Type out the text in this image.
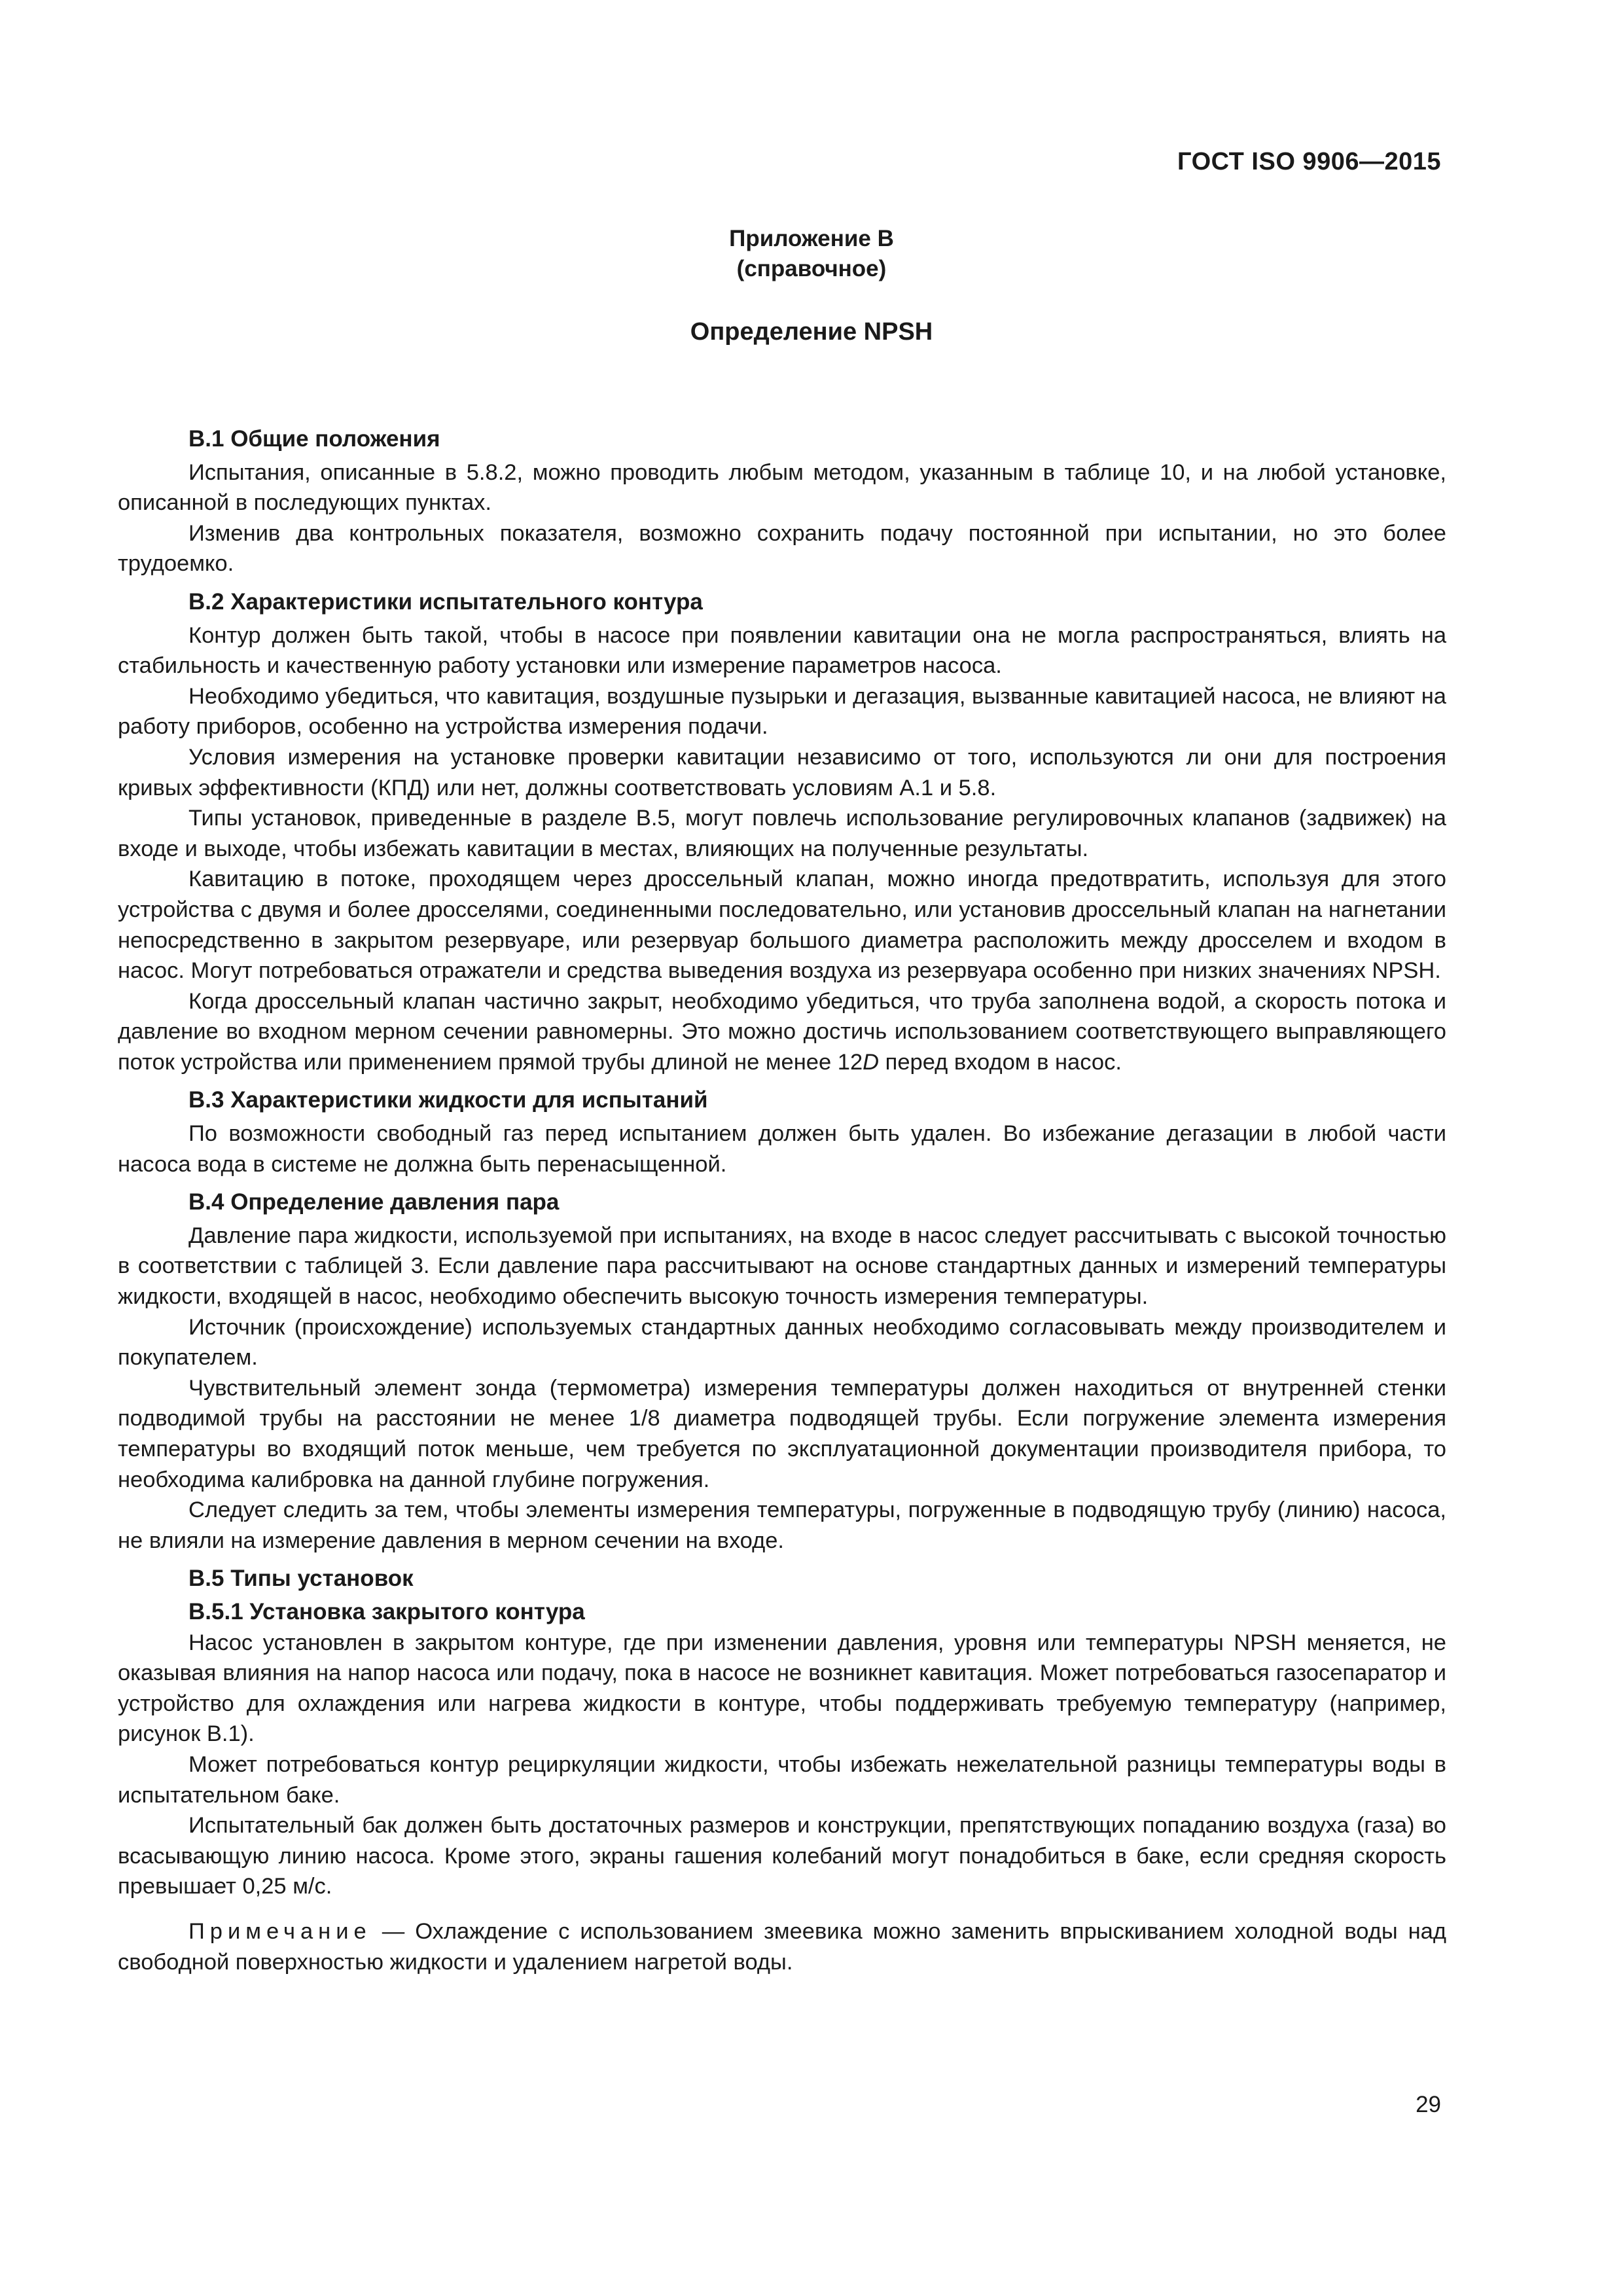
ГОСТ ISO 9906—2015
Приложение B
(справочное)
Определение NPSH
B.1 Общие положения

Испытания, описанные в 5.8.2, можно проводить любым методом, указанным в таблице 10, и на любой установке, описанной в последующих пунктах.

Изменив два контрольных показателя, возможно сохранить подачу постоянной при испытании, но это более трудоемко.

B.2 Характеристики испытательного контура

Контур должен быть такой, чтобы в насосе при появлении кавитации она не могла распространяться, влиять на стабильность и качественную работу установки или измерение параметров насоса.

Необходимо убедиться, что кавитация, воздушные пузырьки и дегазация, вызванные кавитацией насоса, не влияют на работу приборов, особенно на устройства измерения подачи.

Условия измерения на установке проверки кавитации независимо от того, используются ли они для построения кривых эффективности (КПД) или нет, должны соответствовать условиям A.1 и 5.8.

Типы установок, приведенные в разделе B.5, могут повлечь использование регулировочных клапанов (задвижек) на входе и выходе, чтобы избежать кавитации в местах, влияющих на полученные результаты.

Кавитацию в потоке, проходящем через дроссельный клапан, можно иногда предотвратить, используя для этого устройства с двумя и более дросселями, соединенными последовательно, или установив дроссельный клапан на нагнетании непосредственно в закрытом резервуаре, или резервуар большого диаметра расположить между дросселем и входом в насос. Могут потребоваться отражатели и средства выведения воздуха из резервуара особенно при низких значениях NPSH.

Когда дроссельный клапан частично закрыт, необходимо убедиться, что труба заполнена водой, а скорость потока и давление во входном мерном сечении равномерны. Это можно достичь использованием соответствующего выправляющего поток устройства или применением прямой трубы длиной не менее 12D перед входом в насос.

B.3 Характеристики жидкости для испытаний

По возможности свободный газ перед испытанием должен быть удален. Во избежание дегазации в любой части насоса вода в системе не должна быть перенасыщенной.

B.4 Определение давления пара

Давление пара жидкости, используемой при испытаниях, на входе в насос следует рассчитывать с высокой точностью в соответствии с таблицей 3. Если давление пара рассчитывают на основе стандартных данных и измерений температуры жидкости, входящей в насос, необходимо обеспечить высокую точность измерения температуры.

Источник (происхождение) используемых стандартных данных необходимо согласовывать между производителем и покупателем.

Чувствительный элемент зонда (термометра) измерения температуры должен находиться от внутренней стенки подводимой трубы на расстоянии не менее 1/8 диаметра подводящей трубы. Если погружение элемента измерения температуры во входящий поток меньше, чем требуется по эксплуатационной документации производителя прибора, то необходима калибровка на данной глубине погружения.

Следует следить за тем, чтобы элементы измерения температуры, погруженные в подводящую трубу (линию) насоса, не влияли на измерение давления в мерном сечении на входе.

B.5 Типы установок
B.5.1 Установка закрытого контура

Насос установлен в закрытом контуре, где при изменении давления, уровня или температуры NPSH меняется, не оказывая влияния на напор насоса или подачу, пока в насосе не возникнет кавитация. Может потребоваться газосепаратор и устройство для охлаждения или нагрева жидкости в контуре, чтобы поддерживать требуемую температуру (например, рисунок B.1).

Может потребоваться контур рециркуляции жидкости, чтобы избежать нежелательной разницы температуры воды в испытательном баке.

Испытательный бак должен быть достаточных размеров и конструкции, препятствующих попаданию воздуха (газа) во всасывающую линию насоса. Кроме этого, экраны гашения колебаний могут понадобиться в баке, если средняя скорость превышает 0,25 м/с.

Примечание — Охлаждение с использованием змеевика можно заменить впрыскиванием холодной воды над свободной поверхностью жидкости и удалением нагретой воды.

29
